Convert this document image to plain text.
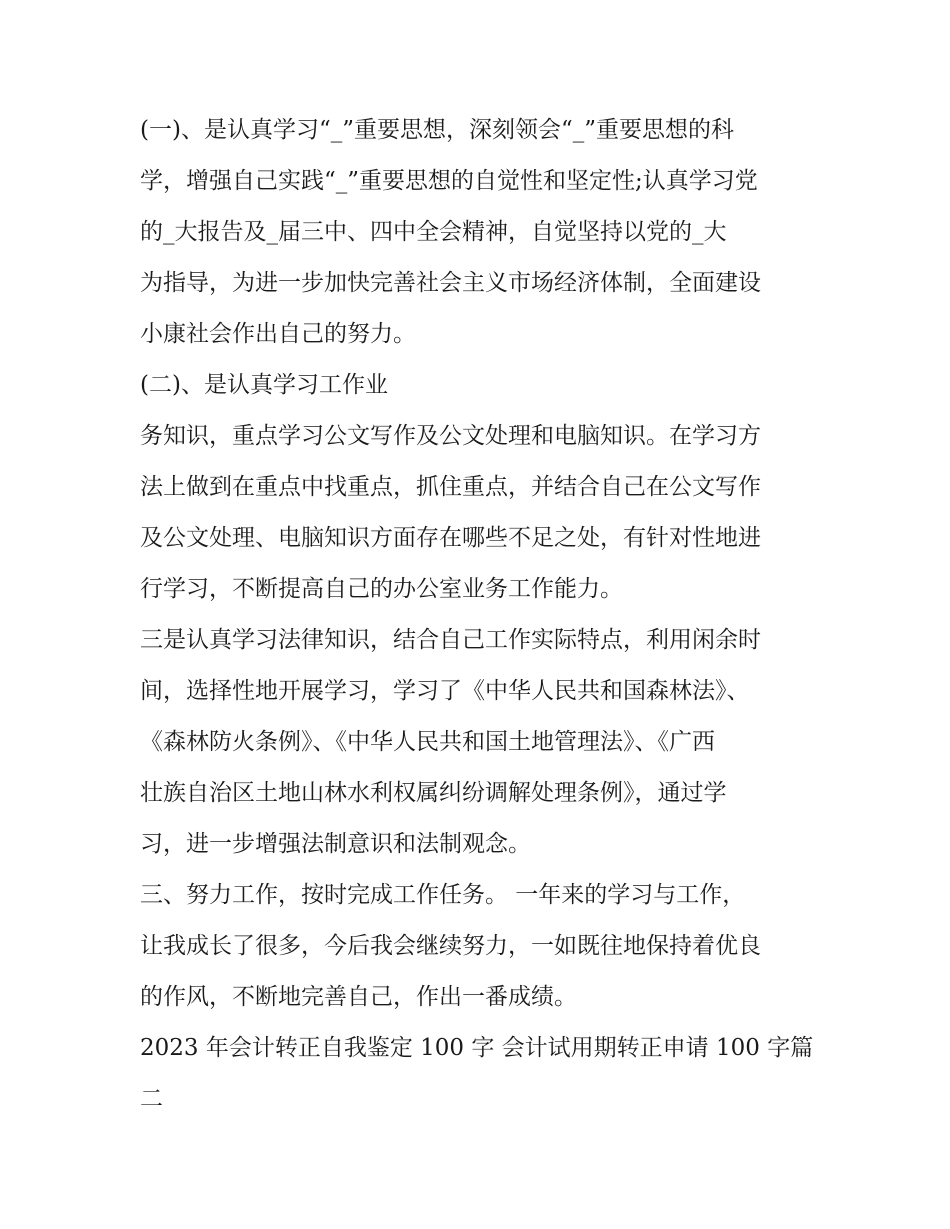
(一)、是认真学习“_”重要思想，深刻领会“_”重要思想的科
学，增强自己实践“_”重要思想的自觉性和坚定性;认真学习党
的_大报告及_届三中、四中全会精神，自觉坚持以党的_大
为指导，为进一步加快完善社会主义市场经济体制，全面建设
小康社会作出自己的努力。
(二)、是认真学习工作业
务知识，重点学习公文写作及公文处理和电脑知识。在学习方
法上做到在重点中找重点，抓住重点，并结合自己在公文写作
及公文处理、电脑知识方面存在哪些不足之处，有针对性地进
行学习，不断提高自己的办公室业务工作能力。
三是认真学习法律知识，结合自己工作实际特点，利用闲余时
间，选择性地开展学习，学习了《中华人民共和国森林法》、
《森林防火条例》、《中华人民共和国土地管理法》、《广西
壮族自治区土地山林水利权属纠纷调解处理条例》，通过学
习，进一步增强法制意识和法制观念。
三、努力工作，按时完成工作任务。 一年来的学习与工作，
让我成长了很多，今后我会继续努力，一如既往地保持着优良
的作风，不断地完善自己，作出一番成绩。
2023 年会计转正自我鉴定 100 字 会计试用期转正申请 100 字篇
二
